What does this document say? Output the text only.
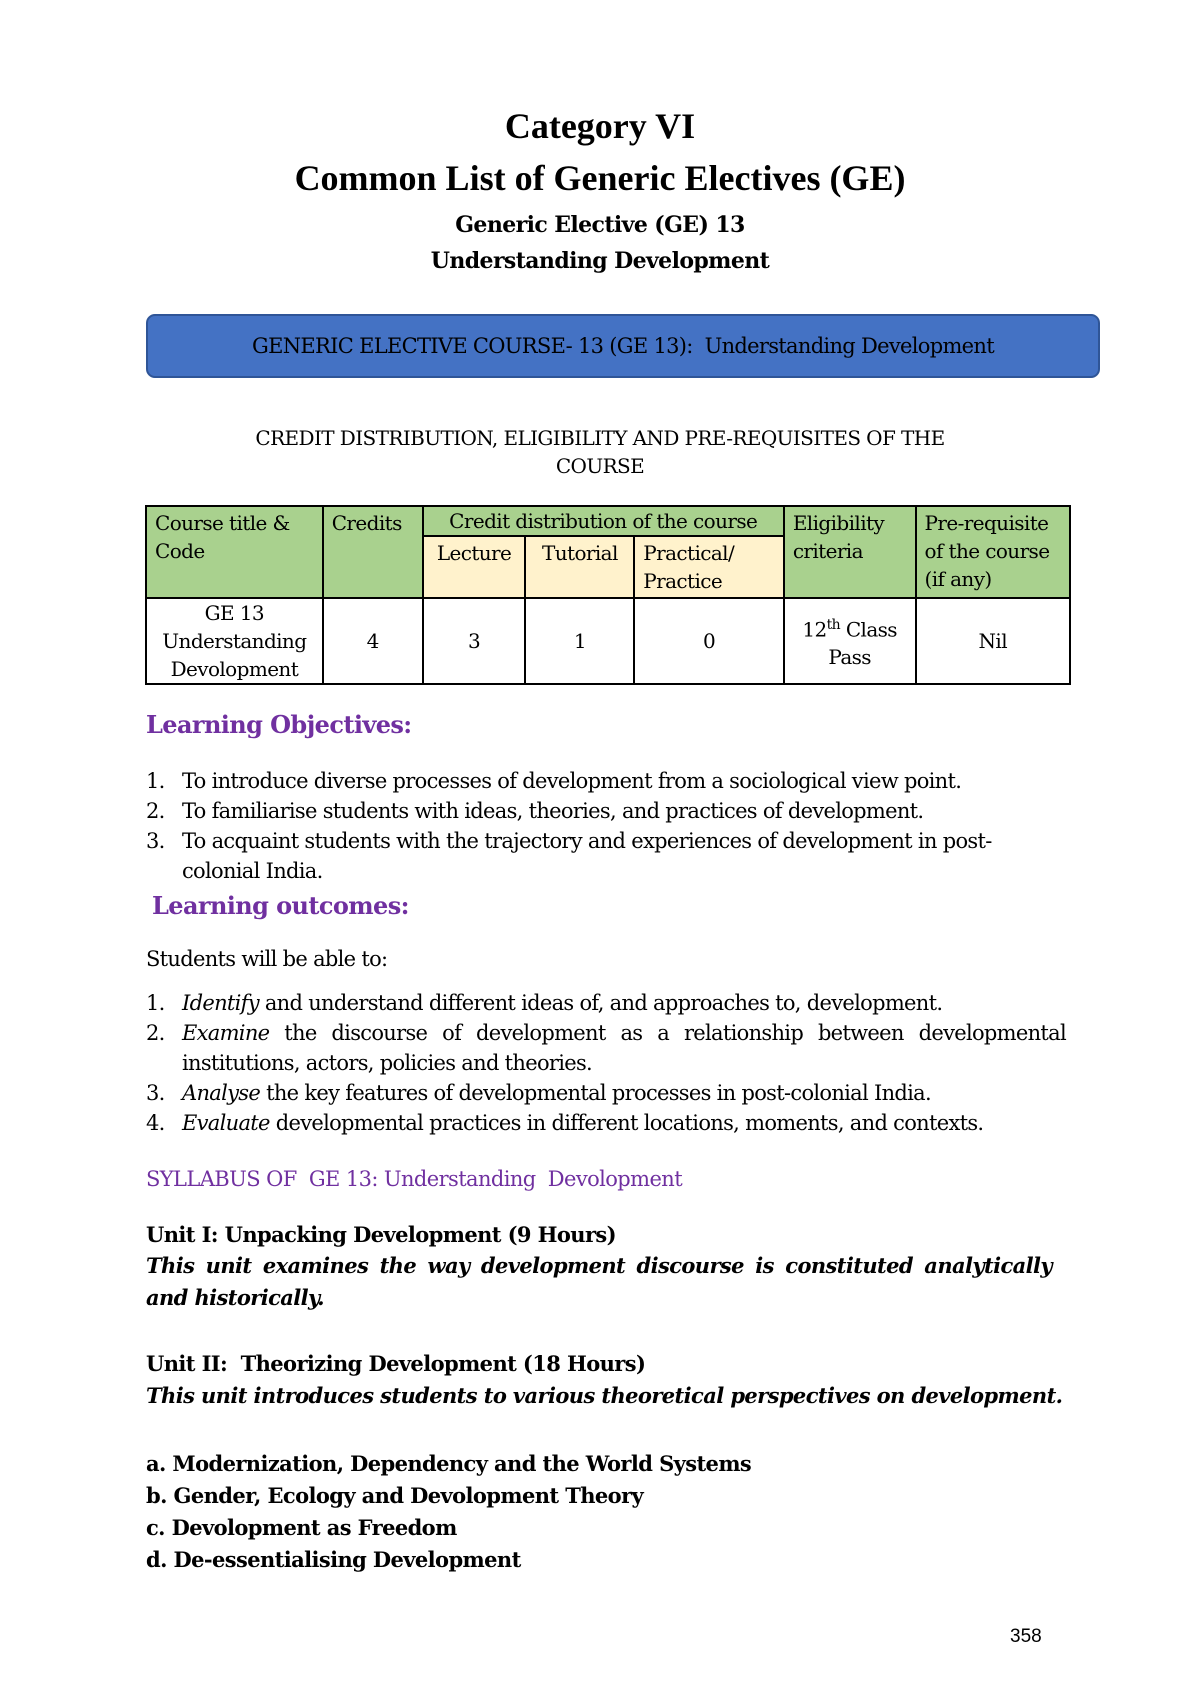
Category VI
Common List of Generic Electives (GE)
Generic Elective (GE) 13
Understanding Development
GENERIC ELECTIVE COURSE- 13 (GE 13):  Understanding Development
CREDIT DISTRIBUTION, ELIGIBILITY AND PRE-REQUISITES OF THE
COURSE
Course title & Code	Credits	Credit distribution of the course			Eligibility criteria	Pre-requisite of the course (if any)
		Lecture	Tutorial	Practical/ Practice		

GE 13
Understanding
Devolopment	4	3	1	0	12th Class Pass	Nil
Learning Objectives:
1. To introduce diverse processes of development from a sociological view point.
2. To familiarise students with ideas, theories, and practices of development.
3. To acquaint students with the trajectory and experiences of development in post-colonial India.
Learning outcomes:
Students will be able to:
1. Identify and understand different ideas of, and approaches to, development.
2. Examine the discourse of development as a relationship between developmental institutions, actors, policies and theories.
3. Analyse the key features of developmental processes in post-colonial India.
4. Evaluate developmental practices in different locations, moments, and contexts.
SYLLABUS OF  GE 13: Understanding  Devolopment
Unit I: Unpacking Development (9 Hours)
This unit examines the way development discourse is constituted analytically and historically.
Unit II:  Theorizing Development (18 Hours)
This unit introduces students to various theoretical perspectives on development.
a. Modernization, Dependency and the World Systems
b. Gender, Ecology and Devolopment Theory
c. Devolopment as Freedom
d. De-essentialising Development
358
